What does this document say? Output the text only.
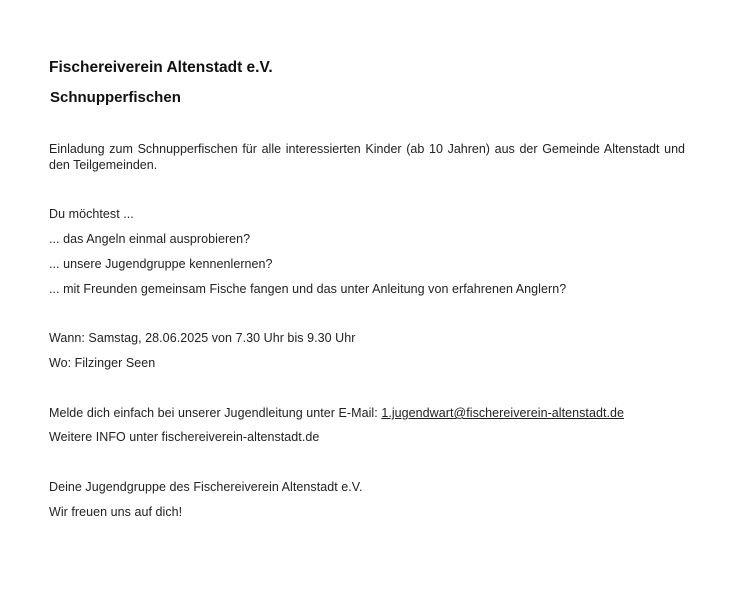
Fischereiverein Altenstadt e.V.
Schnupperfischen
Einladung zum Schnupperfischen für alle interessierten Kinder (ab 10 Jahren) aus der Gemeinde Altenstadt und den Teilgemeinden.
Du möchtest ...
... das Angeln einmal ausprobieren?
... unsere Jugendgruppe kennenlernen?
... mit Freunden gemeinsam Fische fangen und das unter Anleitung von erfahrenen Anglern?
Wann: Samstag, 28.06.2025 von 7.30 Uhr bis 9.30 Uhr
Wo: Filzinger Seen
Melde dich einfach bei unserer Jugendleitung unter E-Mail: 1.jugendwart@fischereiverein-altenstadt.de
Weitere INFO unter fischereiverein-altenstadt.de
Deine Jugendgruppe des Fischereiverein Altenstadt e.V.
Wir freuen uns auf dich!
